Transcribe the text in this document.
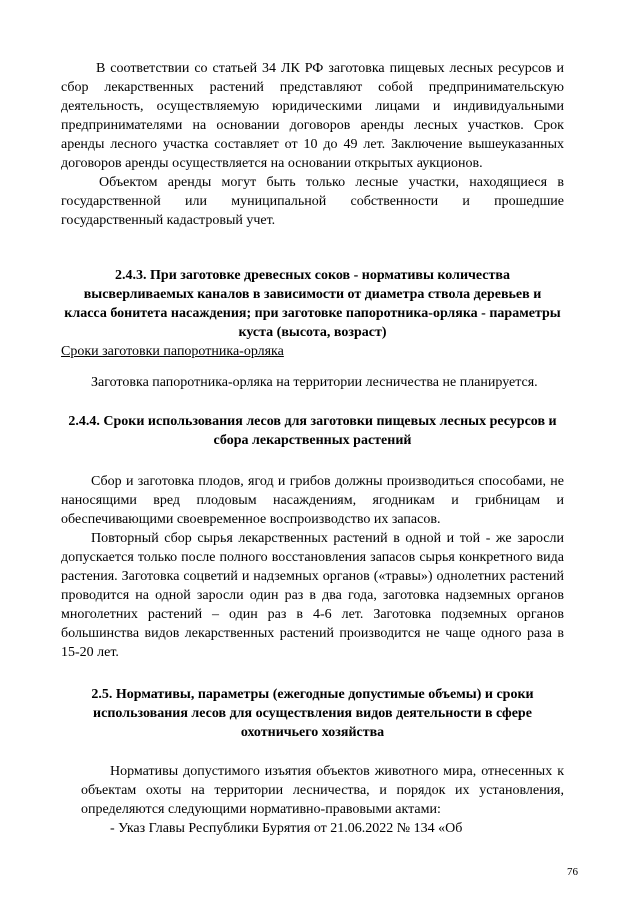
В соответствии со статьей 34 ЛК РФ заготовка пищевых лесных ресурсов и сбор лекарственных растений представляют собой предпринимательскую деятельность, осуществляемую юридическими лицами и индивидуальными предпринимателями на основании договоров аренды лесных участков. Срок аренды лесного участка составляет от 10 до 49 лет. Заключение вышеуказанных договоров аренды осуществляется на основании открытых аукционов.

Объектом аренды могут быть только лесные участки, находящиеся в государственной или муниципальной собственности и прошедшие государственный кадастровый учет.

2.4.3. При заготовке древесных соков - нормативы количества высверливаемых каналов в зависимости от диаметра ствола деревьев и класса бонитета насаждения; при заготовке папоротника-орляка - параметры куста (высота, возраст)

Сроки заготовки папоротника-орляка

Заготовка папоротника-орляка на территории лесничества не планируется.

2.4.4. Сроки использования лесов для заготовки пищевых лесных ресурсов и сбора лекарственных растений

Сбор и заготовка плодов, ягод и грибов должны производиться способами, не наносящими вред плодовым насаждениям, ягодникам и грибницам и обеспечивающими своевременное воспроизводство их запасов.

Повторный сбор сырья лекарственных растений в одной и той - же заросли допускается только после полного восстановления запасов сырья конкретного вида растения. Заготовка соцветий и надземных органов («травы») однолетних растений проводится на одной заросли один раз в два года, заготовка надземных органов многолетних растений – один раз в 4-6 лет. Заготовка подземных органов большинства видов лекарственных растений производится не чаще одного раза в 15-20 лет.

2.5. Нормативы, параметры (ежегодные допустимые объемы) и сроки использования лесов для осуществления видов деятельности в сфере охотничьего хозяйства

Нормативы допустимого изъятия объектов животного мира, отнесенных к объектам охоты на территории лесничества, и порядок их установления, определяются следующими нормативно-правовыми актами:

- Указ Главы Республики Бурятия от 21.06.2022 № 134 «Об

76
